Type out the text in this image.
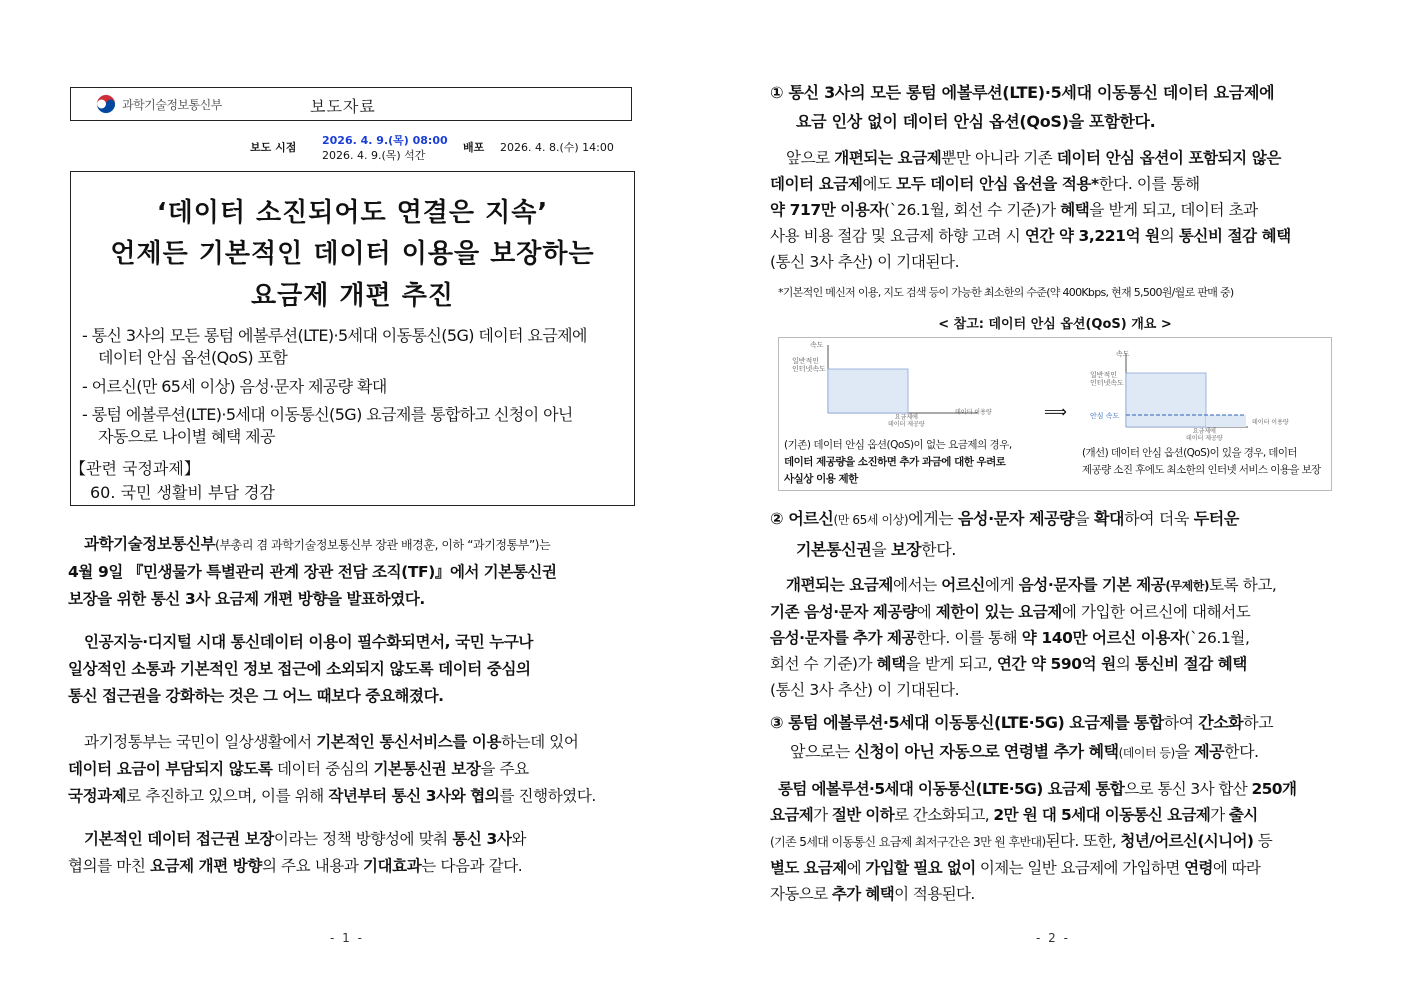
과학기술정보통신부	보도자료
보도 시점
2026. 4. 9.(목) 08:00
2026. 4. 9.(목) 석간
배포 2026. 4. 8.(수) 14:00
‘데이터 소진되어도 연결은 지속’
언제든 기본적인 데이터 이용을 보장하는
요금제 개편 추진
- 통신 3사의 모든 롱텀 에볼루션(LTE)·5세대 이동통신(5G) 데이터 요금제에
데이터 안심 옵션(QoS) 포함
- 어르신(만 65세 이상) 음성·문자 제공량 확대
- 롱텀 에볼루션(LTE)·5세대 이동통신(5G) 요금제를 통합하고 신청이 아닌
자동으로 나이별 혜택 제공
【관련 국정과제】
60. 국민 생활비 부담 경감
과학기술정보통신부(부총리 겸 과학기술정보통신부 장관 배경훈, 이하 “과기정통부”)는
4월 9일 『민생물가 특별관리 관계 장관 전담 조직(TF)』에서 기본통신권
보장을 위한 통신 3사 요금제 개편 방향을 발표하였다.
인공지능·디지털 시대 통신데이터 이용이 필수화되면서, 국민 누구나
일상적인 소통과 기본적인 정보 접근에 소외되지 않도록 데이터 중심의
통신 접근권을 강화하는 것은 그 어느 때보다 중요해졌다.
과기정통부는 국민이 일상생활에서 기본적인 통신서비스를 이용하는데 있어
데이터 요금이 부담되지 않도록 데이터 중심의 기본통신권 보장을 주요
국정과제로 추진하고 있으며, 이를 위해 작년부터 통신 3사와 협의를 진행하였다.
기본적인 데이터 접근권 보장이라는 정책 방향성에 맞춰 통신 3사와
협의를 마친 요금제 개편 방향의 주요 내용과 기대효과는 다음과 같다.
- 1 -
① 통신 3사의 모든 롱텀 에볼루션(LTE)·5세대 이동통신 데이터 요금제에
요금 인상 없이 데이터 안심 옵션(QoS)을 포함한다.
앞으로 개편되는 요금제뿐만 아니라 기존 데이터 안심 옵션이 포함되지 않은
데이터 요금제에도 모두 데이터 안심 옵션을 적용*한다. 이를 통해
약 717만 이용자(`26.1월, 회선 수 기준)가 혜택을 받게 되고, 데이터 초과
사용 비용 절감 및 요금제 하향 고려 시 연간 약 3,221억 원의 통신비 절감 혜택
(통신 3사 추산) 이 기대된다.
*기본적인 메신저 이용, 지도 검색 등이 가능한 최소한의 수준(약 400Kbps, 현재 5,500원/월로 판매 중)
< 참고: 데이터 안심 옵션(QoS) 개요 >
속도
일반적인
인터넷속도
데이터 이용량
요금제에
데이터 제공량
⟹
속도
일반적인
인터넷속도
안심 속도
데이터 이용량
요금제에
데이터 제공량
(기존) 데이터 안심 옵션(QoS)이 없는 요금제의 경우,
데이터 제공량을 소진하면 추가 과금에 대한 우려로
사실상 이용 제한
(개선) 데이터 안심 옵션(QoS)이 있을 경우, 데이터
제공량 소진 후에도 최소한의 인터넷 서비스 이용을 보장
② 어르신(만 65세 이상)에게는 음성·문자 제공량을 확대하여 더욱 두터운
기본통신권을 보장한다.
개편되는 요금제에서는 어르신에게 음성·문자를 기본 제공(무제한)토록 하고,
기존 음성·문자 제공량에 제한이 있는 요금제에 가입한 어르신에 대해서도
음성·문자를 추가 제공한다. 이를 통해 약 140만 어르신 이용자(`26.1월,
회선 수 기준)가 혜택을 받게 되고, 연간 약 590억 원의 통신비 절감 혜택
(통신 3사 추산) 이 기대된다.
③ 롱텀 에볼루션·5세대 이동통신(LTE·5G) 요금제를 통합하여 간소화하고
앞으로는 신청이 아닌 자동으로 연령별 추가 혜택(데이터 등)을 제공한다.
롱텀 에볼루션·5세대 이동통신(LTE·5G) 요금제 통합으로 통신 3사 합산 250개
요금제가 절반 이하로 간소화되고, 2만 원 대 5세대 이동통신 요금제가 출시
(기존 5세대 이동통신 요금제 최저구간은 3만 원 후반대)된다. 또한, 청년/어르신(시니어) 등
별도 요금제에 가입할 필요 없이 이제는 일반 요금제에 가입하면 연령에 따라
자동으로 추가 혜택이 적용된다.
- 2 -
